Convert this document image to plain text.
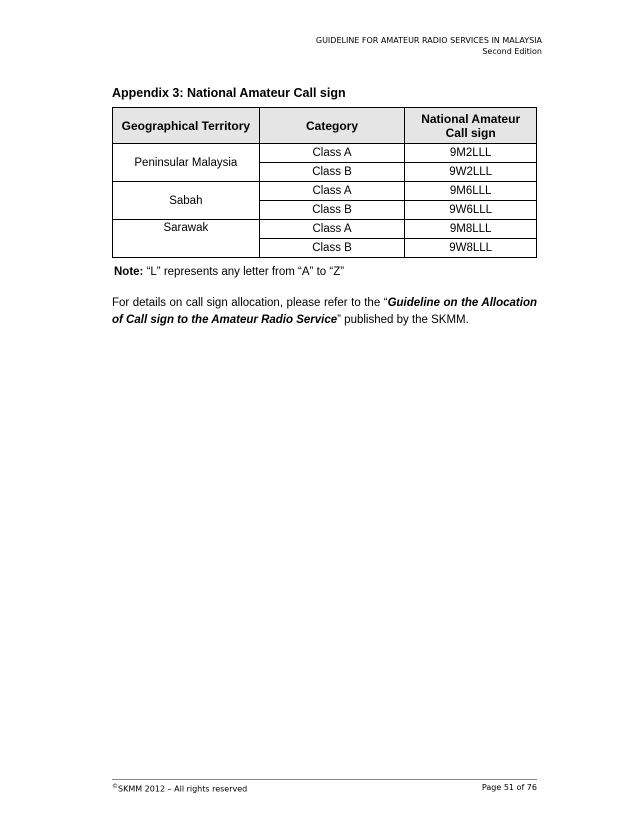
GUIDELINE FOR AMATEUR RADIO SERVICES IN MALAYSIA
Second Edition
Appendix 3: National Amateur Call sign
Geographical Territory	Category	National Amateur
Call sign
Peninsular Malaysia	Class A	9M2LLL
	Class B	9W2LLL
Sabah	Class A	9M6LLL
	Class B	9W6LLL
Sarawak	Class A	9M8LLL
	Class B	9W8LLL
Note: “L” represents any letter from “A” to “Z”
For details on call sign allocation, please refer to the “Guideline on the Allocation of Call sign to the Amateur Radio Service” published by the SKMM.
©SKMM 2012 – All rights reserved	Page 51 of 76
